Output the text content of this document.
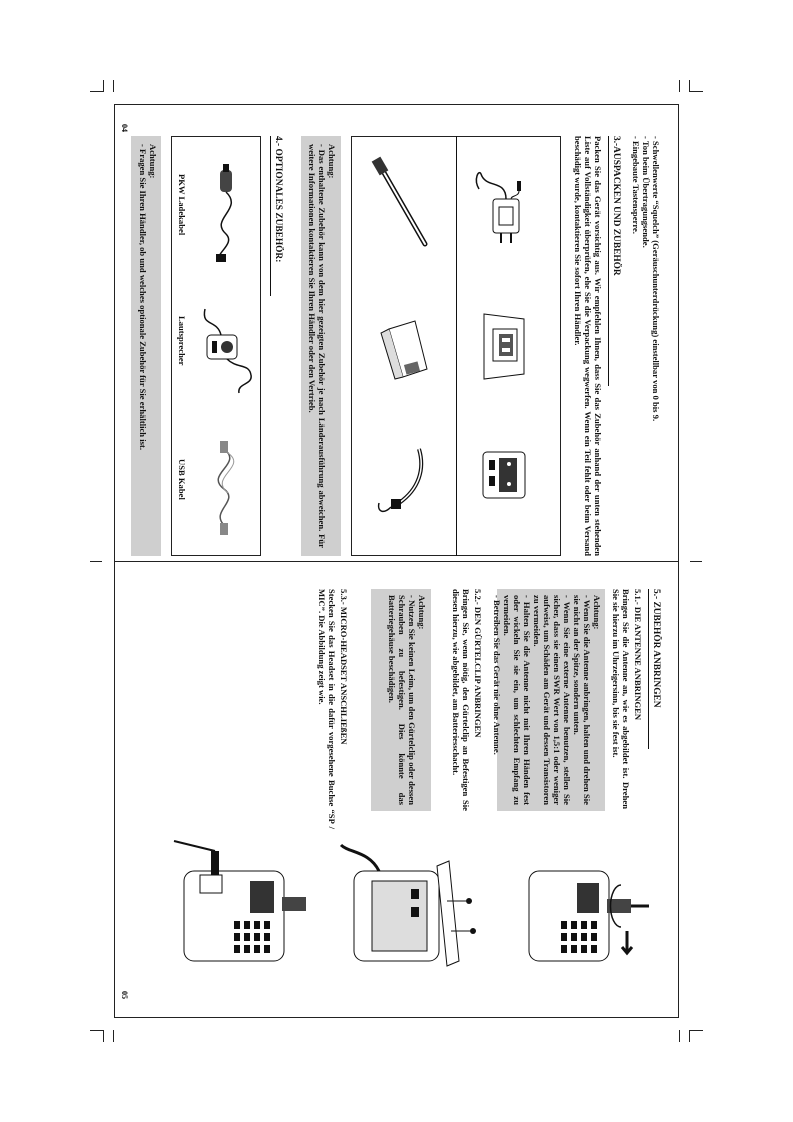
- Schwellenwerte “Squelch” (Geräuschunterdrückung) einstellbar von 0 bis 9.
- Ton beim Übertragungsende.
- Eingebaute Tastensperre.
3.-AUSPACKEN UND ZUBEHÖR
Packen Sie das Gerät vorsichtig aus. Wir empfehlen Ihnen, dass Sie das Zubehör anhand der unten stehenden Liste auf Vollständigkeit überprüfen, ehe Sie die Verpackung wegwerfen. Wenn ein Teil fehlt oder beim Versand beschädigt wurde, kontaktieren Sie sofort Ihren Händler.
Achtung:
- Das enthaltene Zubehör kann von dem hier gezeigten Zubehör je nach Länderausführung abweichen. Für weitere Informationen kontaktieren Sie Ihren Händler oder den Vertrieb.
4.- OPTIONALES ZUBEHÖR:
PKW Ladekabel
Lautsprecher
USB Kabel
Achtung:
- Fragen Sie Ihren Händler, ob und welches optionale Zubehör für Sie erhältlich ist.
04
5.- ZUBEHÖR ANBRINGEN
5.1.- DIE ANTENNE ANBRINGEN
Bringen Sie die Antenne an, wie es abgebildet ist. Drehen Sie sie hierzu im Uhrzeigersinn, bis sie fest ist.
Achtung:
- Wenn Sie die Antenne anbringen, halten und drehen Sie sie nicht an der Spitze, sondern unten.
- Wenn Sie eine externe Antenne benutzen, stellen Sie sicher, dass sie einen SWR Wert von 1,5:1 oder weniger aufweist, um Schäden am Gerät und dessen Transistoren zu vermeiden.
- Halten Sie die Antenne nicht mit Ihren Händen fest oder wickeln Sie sie ein, um schlechten Empfang zu vermeiden.
- Betreiben Sie das Gerät nie ohne Antenne.
5.2.- DEN GÜRTELCLIP ANBRINGEN
Bringen Sie, wenn nötig, den Gürtelclip an Befestigen Sie diesen hierzu, wie abgebildet, am Batteriesschacht.
Achtung:
- Nutzen Sie keinen Leim, um den Gürtelclip oder dessen Schrauben zu befestigen. Dies könnte das Batteriegehäuse beschädigen.
5.3.- MICRO-HEADSET ANSCHLIEßEN
Stecken Sie das Headset in die dafür vorgesehene Buchse “SP / MIC”. Die Abbildung zeigt wie.
05
